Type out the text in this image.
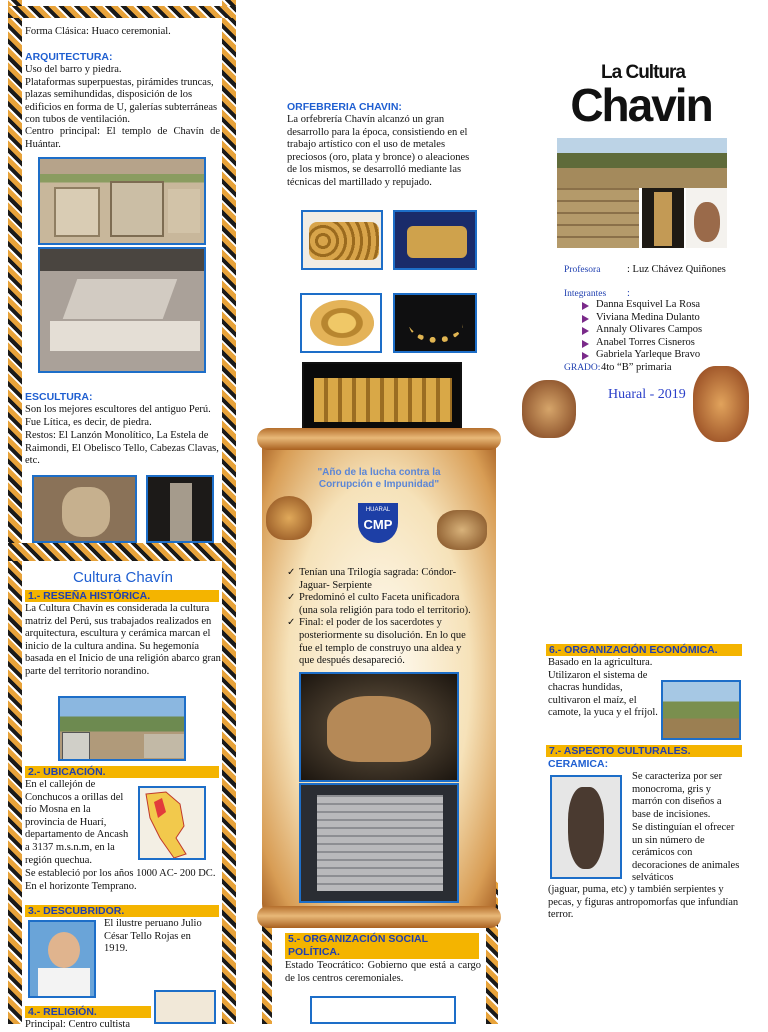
Forma Clásica: Huaco ceremonial.
ARQUITECTURA:
Uso del barro y piedra.
Plataformas superpuestas, pirámides truncas, plazas semihundidas, disposición de los edificios en forma de U, galerías subterráneas con tubos de ventilación.
Centro principal: El templo de Chavín de Huántar.
ESCULTURA:
Son los mejores escultores del antiguo Perú. Fue Lítica, es decir, de piedra.
Restos: El Lanzón Monolítico, La Estela de Raimondi, El Obelisco Tello, Cabezas Clavas, etc.
Cultura Chavín
1.- RESEÑA HISTÓRICA.
La Cultura Chavín es considerada la cultura matriz del Perú, sus trabajados realizados en arquitectura, escultura y cerámica marcan el inicio de la cultura andina. Su hegemonía basada en el Inicio de una religión abarco gran parte del territorio norandino.
2.- UBICACIÓN.
En el callejón de Conchucos a orillas del río Mosna en la provincia de Huarí, departamento de Ancash a 3137 m.s.n.m, en la región quechua.
Se estableció por los años 1000 AC- 200 DC. En el horizonte Temprano.
3.- DESCUBRIDOR.
El ilustre peruano Julio César Tello Rojas en 1919.
4.- RELIGIÓN.
Principal: Centro cultista
ORFEBRERIA CHAVIN:
La orfebrería Chavín alcanzó un gran desarrollo para la época, consistiendo en el trabajo artístico con el uso de metales preciosos (oro, plata y bronce) o aleaciones de los mismos, se desarrolló mediante las técnicas del martillado y repujado.
"Año de la lucha contra la Corrupción e Impunidad"
HUARAL
CMP
✓ Tenían una Trilogía sagrada: Cóndor-Jaguar- Serpiente
✓ Predominó el culto Faceta unificadora (una sola religión para todo el territorio).
✓ Final: el poder de los sacerdotes y posteriormente su disolución. En lo que fue el templo de construyo una aldea y que después desapareció.
5.- ORGANIZACIÓN SOCIAL POLÍTICA.
Estado Teocrático: Gobierno que está a cargo de los centros ceremoniales.
La Cultura
Chavin
Profesora	: Luz Chávez Quiñones
Integrantes :
Danna Esquivel La Rosa
Viviana Medina Dulanto
Annaly Olivares Campos
Anabel Torres Cisneros
Gabriela Yarleque Bravo
GRADO: 4to “B” primaria
Huaral - 2019
6.- ORGANIZACIÓN ECONÓMICA.
Basado en la agricultura. Utilizaron el sistema de chacras hundidas, cultivaron el maíz, el camote, la yuca y el fríjol.
7.- ASPECTO CULTURALES.
CERAMICA:
Se caracteriza por ser monocroma, gris y marrón con diseños a base de incisiones.
Se distinguían el ofrecer un sin número de cerámicos con decoraciones de animales selváticos
(jaguar, puma, etc) y también serpientes y pecas, y figuras antropomorfas que infundían terror.
